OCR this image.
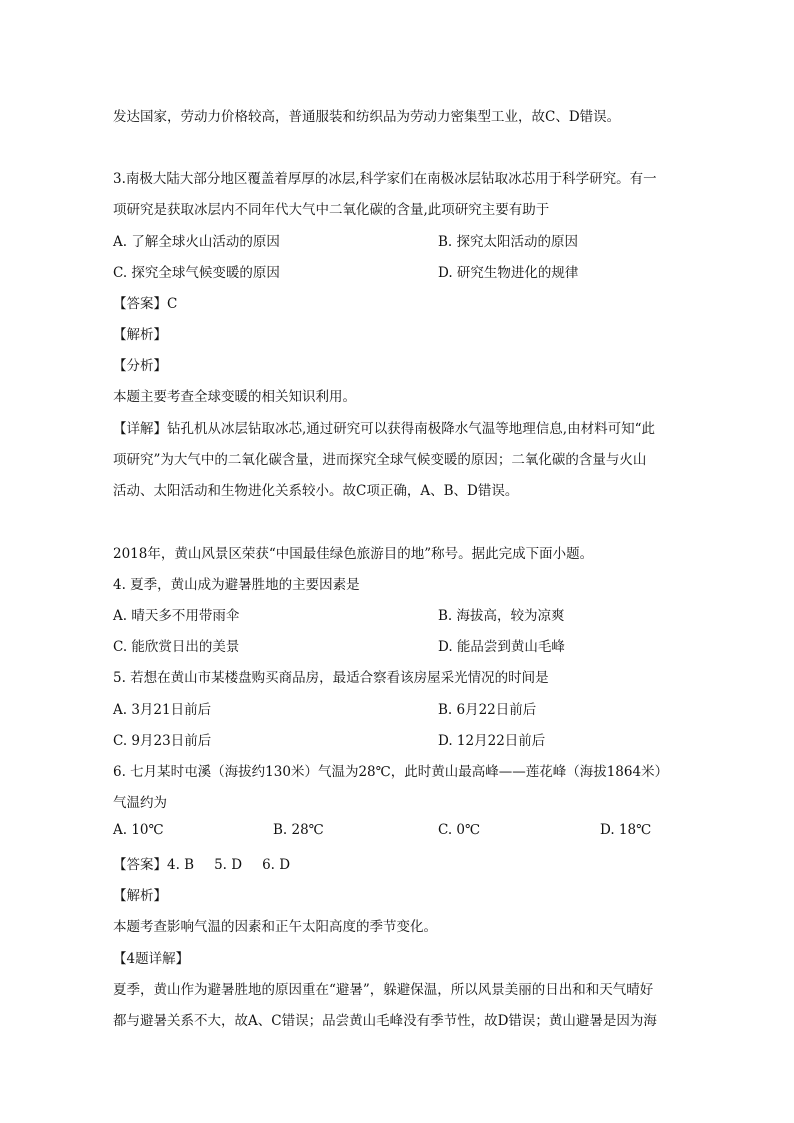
发达国家，劳动力价格较高，普通服装和纺织品为劳动力密集型工业，故C、D错误。
3.南极大陆大部分地区覆盖着厚厚的冰层,科学家们在南极冰层钻取冰芯用于科学研究。有一
项研究是获取冰层内不同年代大气中二氧化碳的含量,此项研究主要有助于
A. 了解全球火山活动的原因	B. 探究太阳活动的原因
C. 探究全球气候变暖的原因	D. 研究生物进化的规律
【答案】C
【解析】
【分析】
本题主要考查全球变暖的相关知识利用。
【详解】钻孔机从冰层钻取冰芯,通过研究可以获得南极降水气温等地理信息,由材料可知“此
项研究”为大气中的二氧化碳含量，进而探究全球气候变暖的原因；二氧化碳的含量与火山
活动、太阳活动和生物进化关系较小。故C项正确，A、B、D错误。
2018年，黄山风景区荣获“中国最佳绿色旅游目的地”称号。据此完成下面小题。
4. 夏季，黄山成为避暑胜地的主要因素是
A. 晴天多不用带雨伞	B. 海拔高，较为凉爽
C. 能欣赏日出的美景	D. 能品尝到黄山毛峰
5. 若想在黄山市某楼盘购买商品房，最适合察看该房屋采光情况的时间是
A. 3月21日前后	B. 6月22日前后
C. 9月23日前后	D. 12月22日前后
6. 七月某时屯溪（海拔约130米）气温为28℃，此时黄山最高峰——莲花峰（海拔1864米）
气温约为
A. 10℃	B. 28℃	C. 0℃	D. 18℃
【答案】4. B 5. D 6. D
【解析】
本题考查影响气温的因素和正午太阳高度的季节变化。
【4题详解】
夏季，黄山作为避暑胜地的原因重在“避暑”，躲避保温，所以风景美丽的日出和和天气晴好
都与避暑关系不大，故A、C错误；品尝黄山毛峰没有季节性，故D错误；黄山避暑是因为海
